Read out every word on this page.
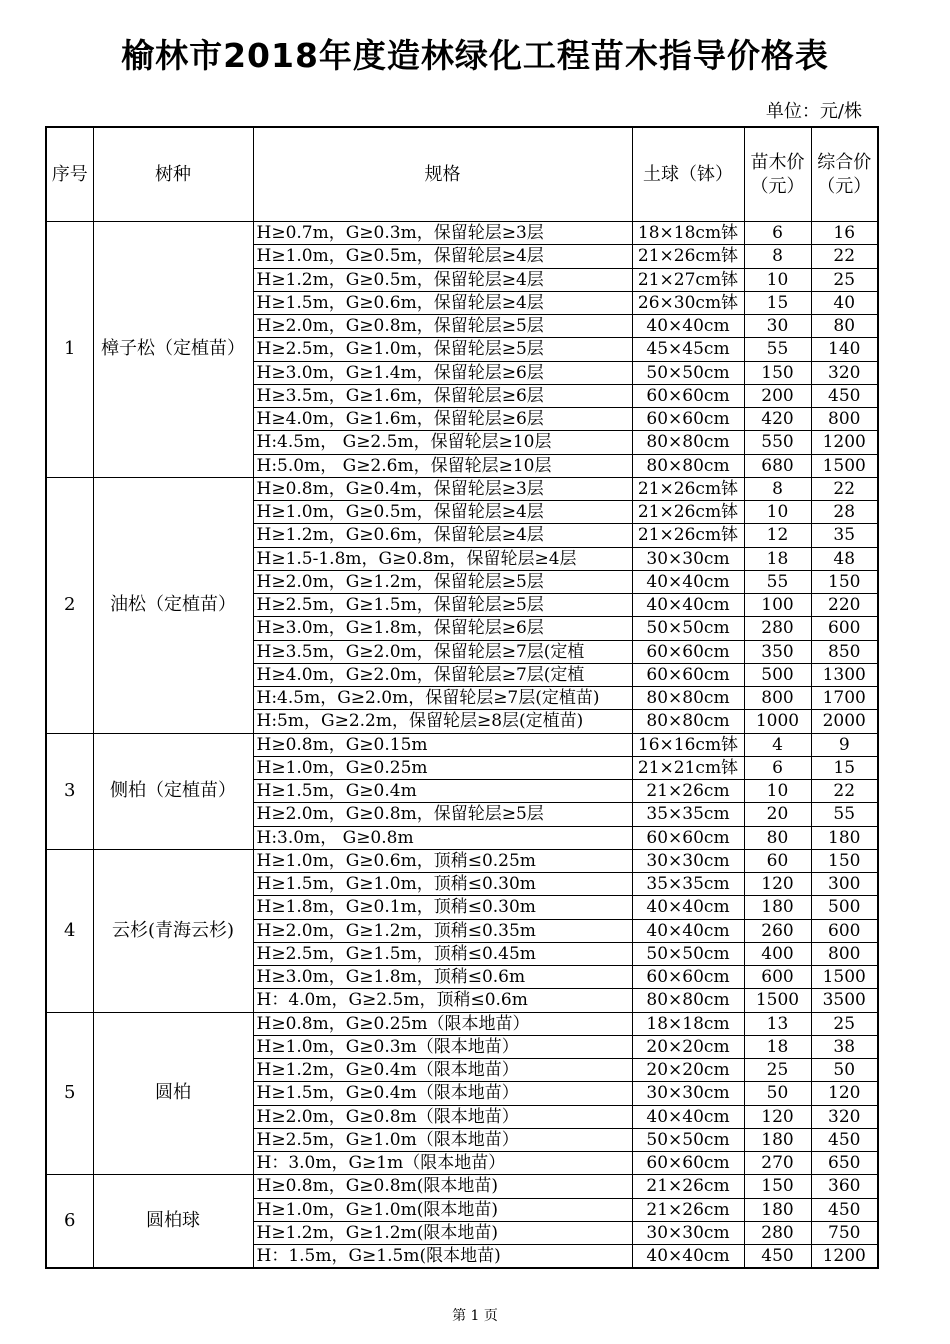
榆林市2018年度造林绿化工程苗木指导价格表
单位：元/株
序号	树种	规格	土球（钵）	苗木价（元）	综合价（元）
1	樟子松（定植苗）	H≥0.7m，G≥0.3m，保留轮层≥3层	18×18cm钵	6	16
		H≥1.0m，G≥0.5m，保留轮层≥4层	21×26cm钵	8	22
		H≥1.2m，G≥0.5m，保留轮层≥4层	21×27cm钵	10	25
		H≥1.5m，G≥0.6m，保留轮层≥4层	26×30cm钵	15	40
		H≥2.0m，G≥0.8m，保留轮层≥5层	40×40cm	30	80
		H≥2.5m，G≥1.0m，保留轮层≥5层	45×45cm	55	140
		H≥3.0m，G≥1.4m，保留轮层≥6层	50×50cm	150	320
		H≥3.5m，G≥1.6m，保留轮层≥6层	60×60cm	200	450
		H≥4.0m，G≥1.6m，保留轮层≥6层	60×60cm	420	800
		H:4.5m， G≥2.5m，保留轮层≥10层	80×80cm	550	1200
		H:5.0m， G≥2.6m，保留轮层≥10层	80×80cm	680	1500
2	油松（定植苗）	H≥0.8m，G≥0.4m，保留轮层≥3层	21×26cm钵	8	22
		H≥1.0m，G≥0.5m，保留轮层≥4层	21×26cm钵	10	28
		H≥1.2m，G≥0.6m，保留轮层≥4层	21×26cm钵	12	35
		H≥1.5-1.8m，G≥0.8m，保留轮层≥4层	30×30cm	18	48
		H≥2.0m，G≥1.2m，保留轮层≥5层	40×40cm	55	150
		H≥2.5m，G≥1.5m，保留轮层≥5层	40×40cm	100	220
		H≥3.0m，G≥1.8m，保留轮层≥6层	50×50cm	280	600
		H≥3.5m，G≥2.0m，保留轮层≥7层(定植	60×60cm	350	850
		H≥4.0m，G≥2.0m，保留轮层≥7层(定植	60×60cm	500	1300
		H:4.5m，G≥2.0m，保留轮层≥7层(定植苗)	80×80cm	800	1700
		H:5m，G≥2.2m，保留轮层≥8层(定植苗)	80×80cm	1000	2000
3	侧柏（定植苗）	H≥0.8m，G≥0.15m	16×16cm钵	4	9
		H≥1.0m，G≥0.25m	21×21cm钵	6	15
		H≥1.5m，G≥0.4m	21×26cm	10	22
		H≥2.0m，G≥0.8m，保留轮层≥5层	35×35cm	20	55
		H:3.0m， G≥0.8m	60×60cm	80	180
4	云杉(青海云杉)	H≥1.0m，G≥0.6m，顶稍≤0.25m	30×30cm	60	150
		H≥1.5m，G≥1.0m，顶稍≤0.30m	35×35cm	120	300
		H≥1.8m，G≥0.1m，顶稍≤0.30m	40×40cm	180	500
		H≥2.0m，G≥1.2m，顶稍≤0.35m	40×40cm	260	600
		H≥2.5m，G≥1.5m，顶稍≤0.45m	50×50cm	400	800
		H≥3.0m，G≥1.8m，顶稍≤0.6m	60×60cm	600	1500
		H：4.0m，G≥2.5m，顶稍≤0.6m	80×80cm	1500	3500
5	圆柏	H≥0.8m，G≥0.25m（限本地苗）	18×18cm	13	25
		H≥1.0m，G≥0.3m（限本地苗）	20×20cm	18	38
		H≥1.2m，G≥0.4m（限本地苗）	20×20cm	25	50
		H≥1.5m，G≥0.4m（限本地苗）	30×30cm	50	120
		H≥2.0m，G≥0.8m（限本地苗）	40×40cm	120	320
		H≥2.5m，G≥1.0m（限本地苗）	50×50cm	180	450
		H：3.0m，G≥1m（限本地苗）	60×60cm	270	650
6	圆柏球	H≥0.8m，G≥0.8m(限本地苗)	21×26cm	150	360
		H≥1.0m，G≥1.0m(限本地苗)	21×26cm	180	450
		H≥1.2m，G≥1.2m(限本地苗)	30×30cm	280	750
		H：1.5m，G≥1.5m(限本地苗)	40×40cm	450	1200
第 1 页
